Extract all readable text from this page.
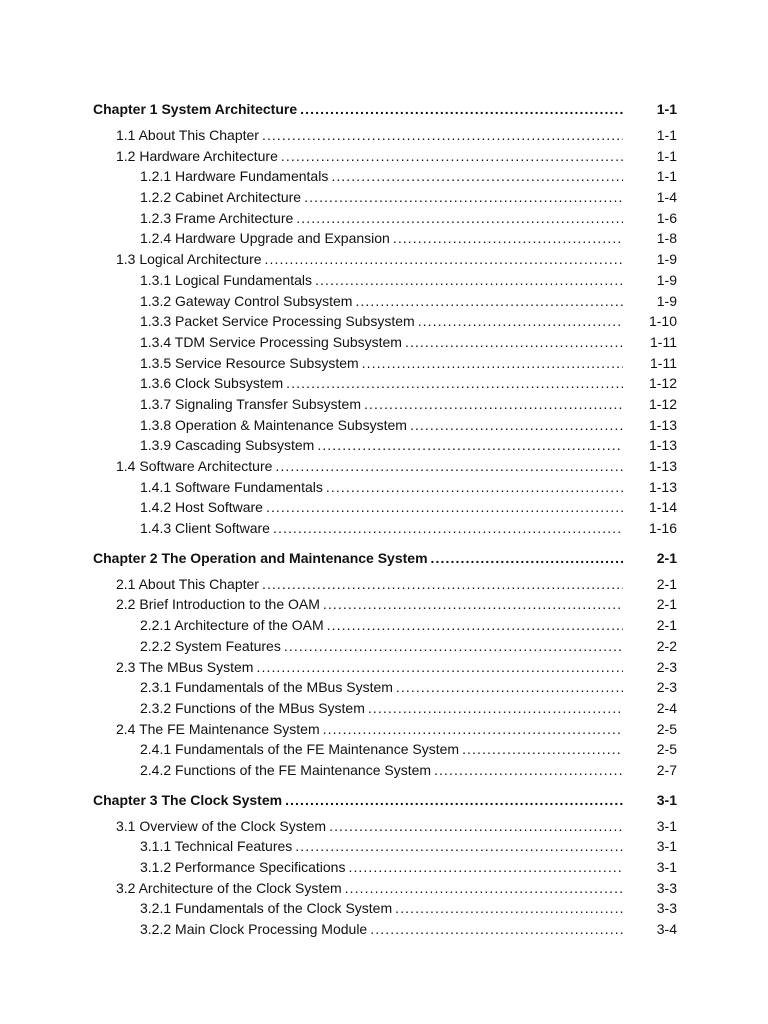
Chapter 1 System Architecture .....	1-1
1.1 About This Chapter .....	1-1
1.2 Hardware Architecture .....	1-1
1.2.1 Hardware Fundamentals .....	1-1
1.2.2 Cabinet Architecture .....	1-4
1.2.3 Frame Architecture .....	1-6
1.2.4 Hardware Upgrade and Expansion .....	1-8
1.3 Logical Architecture .....	1-9
1.3.1 Logical Fundamentals .....	1-9
1.3.2 Gateway Control Subsystem .....	1-9
1.3.3 Packet Service Processing Subsystem .....	1-10
1.3.4 TDM Service Processing Subsystem .....	1-11
1.3.5 Service Resource Subsystem .....	1-11
1.3.6 Clock Subsystem .....	1-12
1.3.7 Signaling Transfer Subsystem .....	1-12
1.3.8 Operation & Maintenance Subsystem .....	1-13
1.3.9 Cascading Subsystem .....	1-13
1.4 Software Architecture .....	1-13
1.4.1 Software Fundamentals .....	1-13
1.4.2 Host Software .....	1-14
1.4.3 Client Software .....	1-16
Chapter 2 The Operation and Maintenance System .....	2-1
2.1 About This Chapter .....	2-1
2.2 Brief Introduction to the OAM .....	2-1
2.2.1 Architecture of the OAM .....	2-1
2.2.2 System Features .....	2-2
2.3 The MBus System .....	2-3
2.3.1 Fundamentals of the MBus System .....	2-3
2.3.2 Functions of the MBus System .....	2-4
2.4 The FE Maintenance System .....	2-5
2.4.1 Fundamentals of the FE Maintenance System .....	2-5
2.4.2 Functions of the FE Maintenance System .....	2-7
Chapter 3 The Clock System .....	3-1
3.1 Overview of the Clock System .....	3-1
3.1.1 Technical Features .....	3-1
3.1.2 Performance Specifications .....	3-1
3.2 Architecture of the Clock System .....	3-3
3.2.1 Fundamentals of the Clock System .....	3-3
3.2.2 Main Clock Processing Module .....	3-4
